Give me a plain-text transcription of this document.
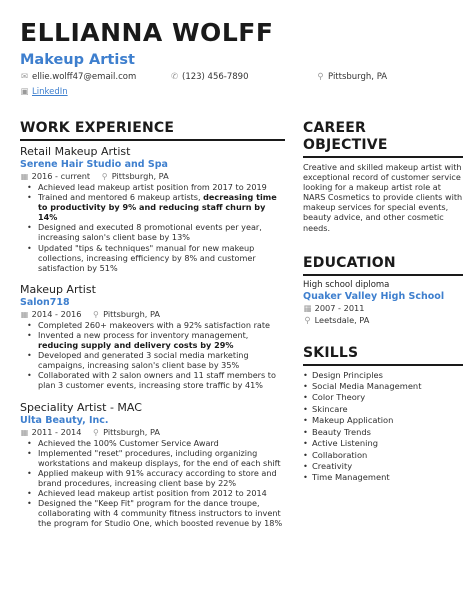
ELLIANNA WOLFF
Makeup Artist
✉ ellie.wolff47@email.com	✆ (123) 456-7890	⚲ Pittsburgh, PA
▣ LinkedIn
WORK EXPERIENCE
Retail Makeup Artist
Serene Hair Studio and Spa
▦ 2016 - current ⚲ Pittsburgh, PA
• Achieved lead makeup artist position from 2017 to 2019
• Trained and mentored 6 makeup artists, decreasing time to productivity by 9% and reducing staff churn by 14%
• Designed and executed 8 promotional events per year, increasing salon's client base by 13%
• Updated "tips & techniques" manual for new makeup collections, increasing efficiency by 8% and customer satisfaction by 51%
Makeup Artist
Salon718
▦ 2014 - 2016 ⚲ Pittsburgh, PA
• Completed 260+ makeovers with a 92% satisfaction rate
• Invented a new process for inventory management, reducing supply and delivery costs by 29%
• Developed and generated 3 social media marketing campaigns, increasing salon's client base by 35%
• Collaborated with 2 salon owners and 11 staff members to plan 3 customer events, increasing store traffic by 41%
Speciality Artist - MAC
Ulta Beauty, Inc.
▦ 2011 - 2014 ⚲ Pittsburgh, PA
• Achieved the 100% Customer Service Award
• Implemented "reset" procedures, including organizing workstations and makeup displays, for the end of each shift
• Applied makeup with 91% accuracy according to store and brand procedures, increasing client base by 22%
• Achieved lead makeup artist position from 2012 to 2014
• Designed the "Keep Fit" program for the dance troupe, collaborating with 4 community fitness instructors to invent the program for Studio One, which boosted revenue by 18%
CAREER
OBJECTIVE
Creative and skilled makeup artist with exceptional record of customer service looking for a makeup artist role at NARS Cosmetics to provide clients with makeup services for special events, beauty advice, and other cosmetic needs.
EDUCATION
High school diploma
Quaker Valley High School
▦ 2007 - 2011
⚲ Leetsdale, PA
SKILLS
• Design Principles
• Social Media Management
• Color Theory
• Skincare
• Makeup Application
• Beauty Trends
• Active Listening
• Collaboration
• Creativity
• Time Management
